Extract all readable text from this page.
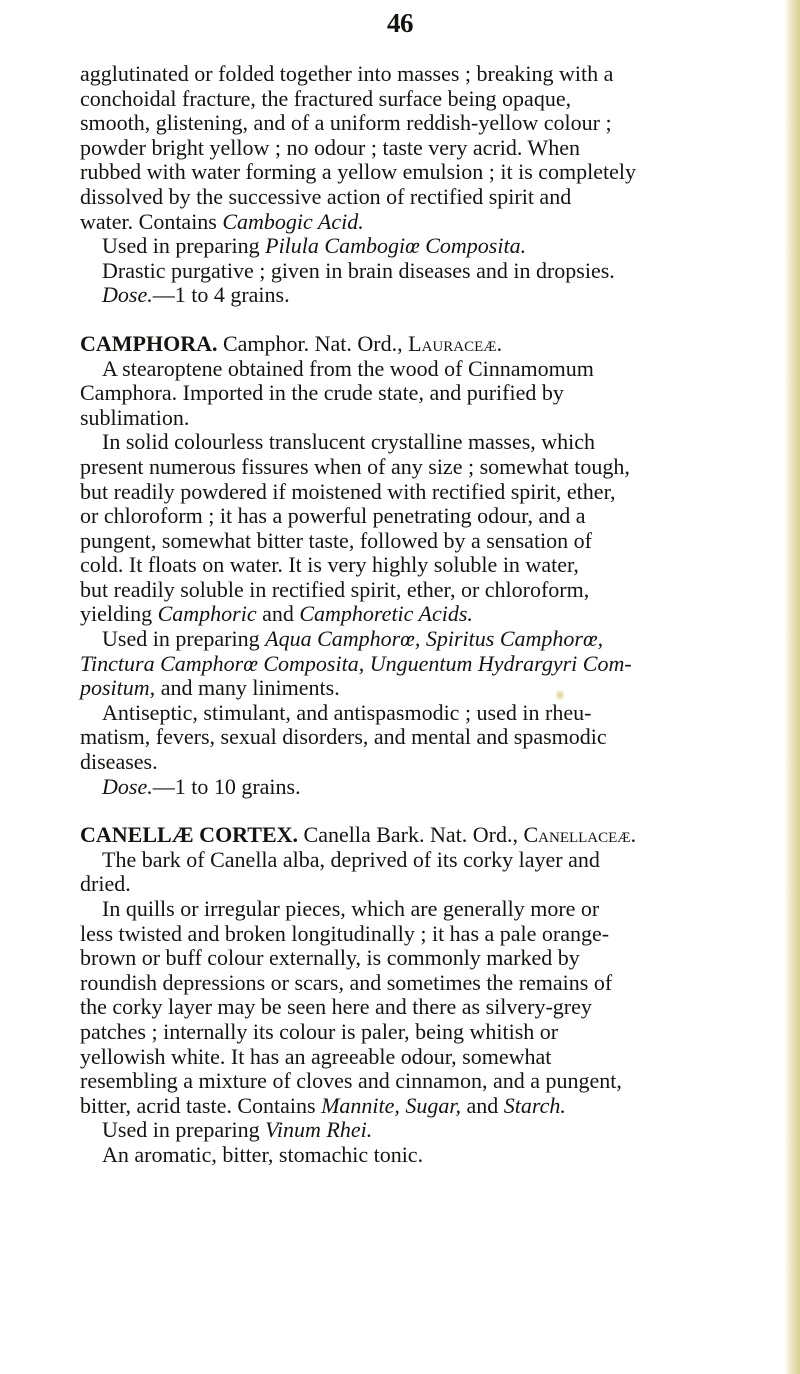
46
agglutinated or folded together into masses ; breaking with a
conchoidal fracture, the fractured surface being opaque,
smooth, glistening, and of a uniform reddish-yellow colour ;
powder bright yellow ; no odour ; taste very acrid. When
rubbed with water forming a yellow emulsion ; it is completely
dissolved by the successive action of rectified spirit and
water. Contains Cambogic Acid.
Used in preparing Pilula Cambogiœ Composita.
Drastic purgative ; given in brain diseases and in dropsies.
Dose.—1 to 4 grains.
CAMPHORA. Camphor. Nat. Ord., Lauraceæ.
A stearoptene obtained from the wood of Cinnamomum
Camphora. Imported in the crude state, and purified by
sublimation.
In solid colourless translucent crystalline masses, which
present numerous fissures when of any size ; somewhat tough,
but readily powdered if moistened with rectified spirit, ether,
or chloroform ; it has a powerful penetrating odour, and a
pungent, somewhat bitter taste, followed by a sensation of
cold. It floats on water. It is very highly soluble in water,
but readily soluble in rectified spirit, ether, or chloroform,
yielding Camphoric and Camphoretic Acids.
Used in preparing Aqua Camphorœ, Spiritus Camphorœ,
Tinctura Camphorœ Composita, Unguentum Hydrargyri Com-
positum, and many liniments.
Antiseptic, stimulant, and antispasmodic ; used in rheu-
matism, fevers, sexual disorders, and mental and spasmodic
diseases.
Dose.—1 to 10 grains.
CANELLÆ CORTEX. Canella Bark. Nat. Ord., Canellaceæ.
The bark of Canella alba, deprived of its corky layer and
dried.
In quills or irregular pieces, which are generally more or
less twisted and broken longitudinally ; it has a pale orange-
brown or buff colour externally, is commonly marked by
roundish depressions or scars, and sometimes the remains of
the corky layer may be seen here and there as silvery-grey
patches ; internally its colour is paler, being whitish or
yellowish white. It has an agreeable odour, somewhat
resembling a mixture of cloves and cinnamon, and a pungent,
bitter, acrid taste. Contains Mannite, Sugar, and Starch.
Used in preparing Vinum Rhei.
An aromatic, bitter, stomachic tonic.
